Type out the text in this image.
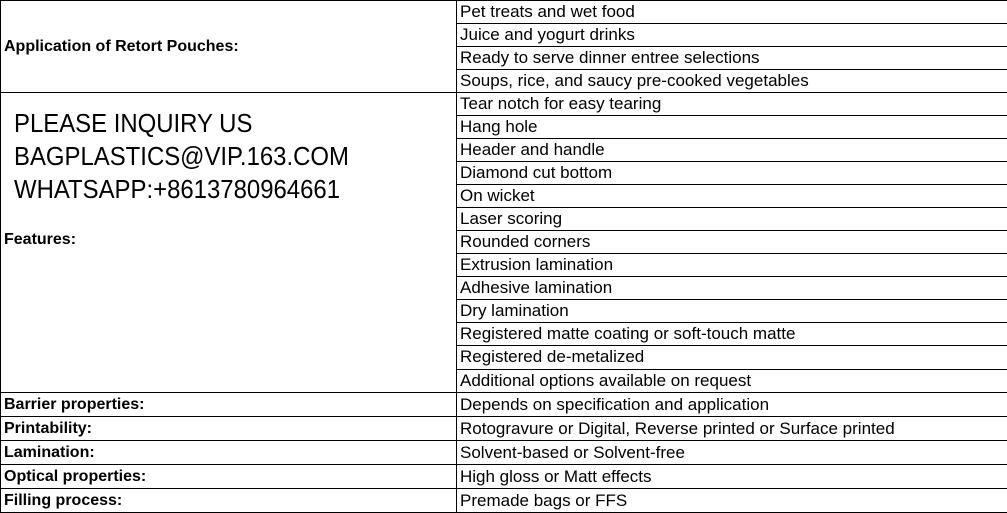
Application of Retort Pouches:	Pet treats and wet food
	Juice and yogurt drinks
	Ready to serve dinner entree selections
	Soups, rice, and saucy pre-cooked vegetables

PLEASE INQUIRY US
BAGPLASTICS@VIP.163.COM
WHATSAPP:+8613780964661
Features:	Tear notch for easy tearing
	Hang hole
	Header and handle
	Diamond cut bottom
	On wicket
	Laser scoring
	Rounded corners
	Extrusion lamination
	Adhesive lamination
	Dry lamination
	Registered matte coating or soft-touch matte
	Registered de-metalized
	Additional options available on request
Barrier properties:	Depends on specification and application
Printability:	Rotogravure or Digital, Reverse printed or Surface printed
Lamination:	Solvent-based or Solvent-free
Optical properties:	High gloss or Matt effects
Filling process:	Premade bags or FFS
